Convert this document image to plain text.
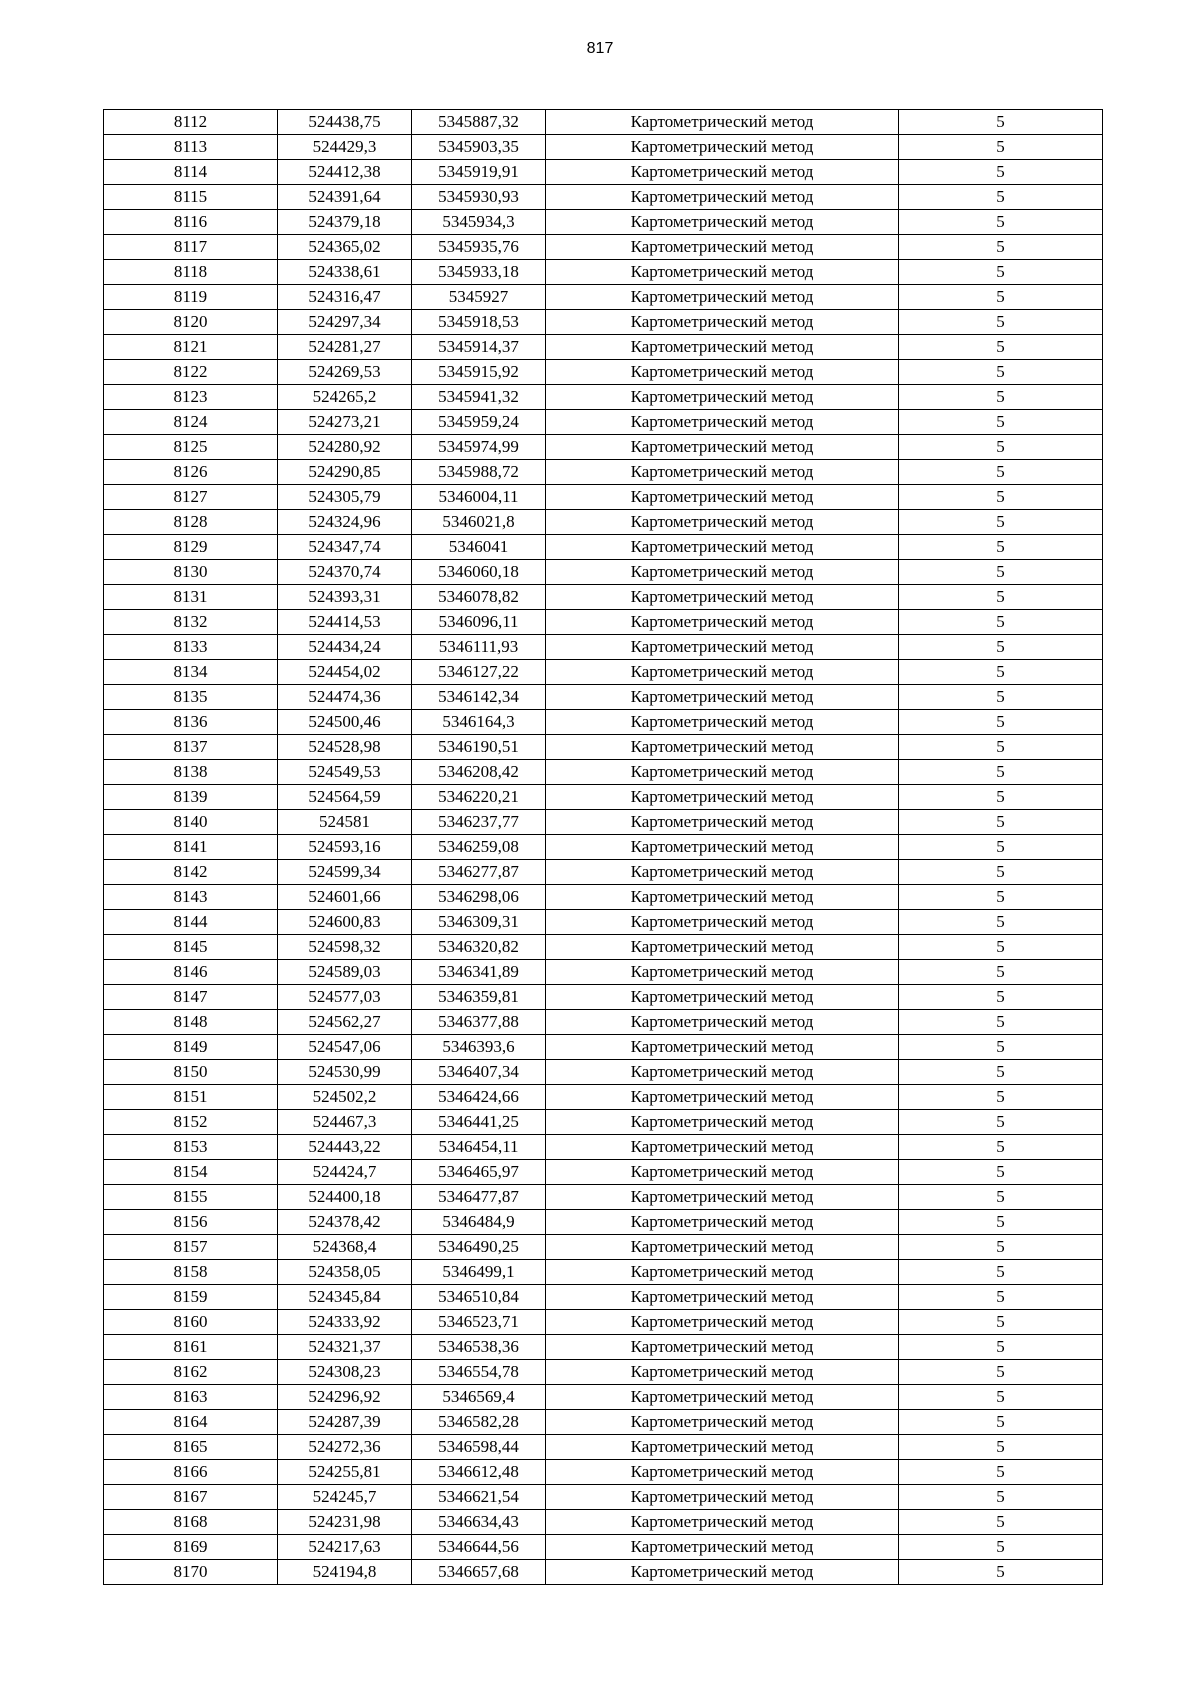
817
8112	524438,75	5345887,32	Картометрический метод	5
8113	524429,3	5345903,35	Картометрический метод	5
8114	524412,38	5345919,91	Картометрический метод	5
8115	524391,64	5345930,93	Картометрический метод	5
8116	524379,18	5345934,3	Картометрический метод	5
8117	524365,02	5345935,76	Картометрический метод	5
8118	524338,61	5345933,18	Картометрический метод	5
8119	524316,47	5345927	Картометрический метод	5
8120	524297,34	5345918,53	Картометрический метод	5
8121	524281,27	5345914,37	Картометрический метод	5
8122	524269,53	5345915,92	Картометрический метод	5
8123	524265,2	5345941,32	Картометрический метод	5
8124	524273,21	5345959,24	Картометрический метод	5
8125	524280,92	5345974,99	Картометрический метод	5
8126	524290,85	5345988,72	Картометрический метод	5
8127	524305,79	5346004,11	Картометрический метод	5
8128	524324,96	5346021,8	Картометрический метод	5
8129	524347,74	5346041	Картометрический метод	5
8130	524370,74	5346060,18	Картометрический метод	5
8131	524393,31	5346078,82	Картометрический метод	5
8132	524414,53	5346096,11	Картометрический метод	5
8133	524434,24	5346111,93	Картометрический метод	5
8134	524454,02	5346127,22	Картометрический метод	5
8135	524474,36	5346142,34	Картометрический метод	5
8136	524500,46	5346164,3	Картометрический метод	5
8137	524528,98	5346190,51	Картометрический метод	5
8138	524549,53	5346208,42	Картометрический метод	5
8139	524564,59	5346220,21	Картометрический метод	5
8140	524581	5346237,77	Картометрический метод	5
8141	524593,16	5346259,08	Картометрический метод	5
8142	524599,34	5346277,87	Картометрический метод	5
8143	524601,66	5346298,06	Картометрический метод	5
8144	524600,83	5346309,31	Картометрический метод	5
8145	524598,32	5346320,82	Картометрический метод	5
8146	524589,03	5346341,89	Картометрический метод	5
8147	524577,03	5346359,81	Картометрический метод	5
8148	524562,27	5346377,88	Картометрический метод	5
8149	524547,06	5346393,6	Картометрический метод	5
8150	524530,99	5346407,34	Картометрический метод	5
8151	524502,2	5346424,66	Картометрический метод	5
8152	524467,3	5346441,25	Картометрический метод	5
8153	524443,22	5346454,11	Картометрический метод	5
8154	524424,7	5346465,97	Картометрический метод	5
8155	524400,18	5346477,87	Картометрический метод	5
8156	524378,42	5346484,9	Картометрический метод	5
8157	524368,4	5346490,25	Картометрический метод	5
8158	524358,05	5346499,1	Картометрический метод	5
8159	524345,84	5346510,84	Картометрический метод	5
8160	524333,92	5346523,71	Картометрический метод	5
8161	524321,37	5346538,36	Картометрический метод	5
8162	524308,23	5346554,78	Картометрический метод	5
8163	524296,92	5346569,4	Картометрический метод	5
8164	524287,39	5346582,28	Картометрический метод	5
8165	524272,36	5346598,44	Картометрический метод	5
8166	524255,81	5346612,48	Картометрический метод	5
8167	524245,7	5346621,54	Картометрический метод	5
8168	524231,98	5346634,43	Картометрический метод	5
8169	524217,63	5346644,56	Картометрический метод	5
8170	524194,8	5346657,68	Картометрический метод	5
